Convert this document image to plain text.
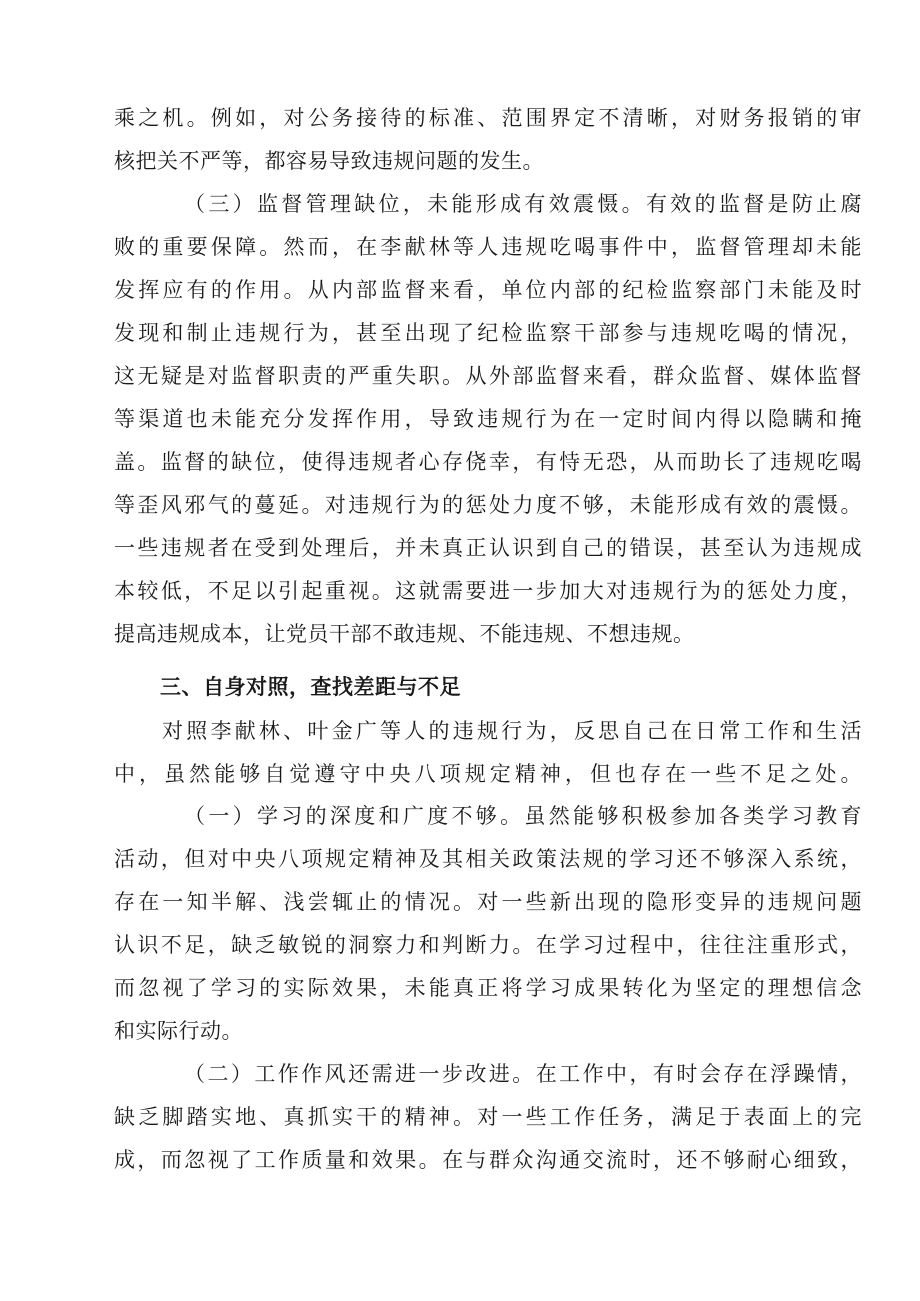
乘之机。例如，对公务接待的标准、范围界定不清晰，对财务报销的审
核把关不严等，都容易导致违规问题的发生。
（三）监督管理缺位，未能形成有效震慑。有效的监督是防止腐
败的重要保障。然而，在李献林等人违规吃喝事件中，监督管理却未能
发挥应有的作用。从内部监督来看，单位内部的纪检监察部门未能及时
发现和制止违规行为，甚至出现了纪检监察干部参与违规吃喝的情况，
这无疑是对监督职责的严重失职。从外部监督来看，群众监督、媒体监督
等渠道也未能充分发挥作用，导致违规行为在一定时间内得以隐瞒和掩
盖。监督的缺位，使得违规者心存侥幸，有恃无恐，从而助长了违规吃喝
等歪风邪气的蔓延。对违规行为的惩处力度不够，未能形成有效的震慑。
一些违规者在受到处理后，并未真正认识到自己的错误，甚至认为违规成
本较低，不足以引起重视。这就需要进一步加大对违规行为的惩处力度，
提高违规成本，让党员干部不敢违规、不能违规、不想违规。
三、自身对照，查找差距与不足
对照李献林、叶金广等人的违规行为，反思自己在日常工作和生活
中，虽然能够自觉遵守中央八项规定精神，但也存在一些不足之处。
（一）学习的深度和广度不够。虽然能够积极参加各类学习教育
活动，但对中央八项规定精神及其相关政策法规的学习还不够深入系统，
存在一知半解、浅尝辄止的情况。对一些新出现的隐形变异的违规问题
认识不足，缺乏敏锐的洞察力和判断力。在学习过程中，往往注重形式，
而忽视了学习的实际效果，未能真正将学习成果转化为坚定的理想信念
和实际行动。
（二）工作作风还需进一步改进。在工作中，有时会存在浮躁情，
缺乏脚踏实地、真抓实干的精神。对一些工作任务，满足于表面上的完
成，而忽视了工作质量和效果。在与群众沟通交流时，还不够耐心细致，
